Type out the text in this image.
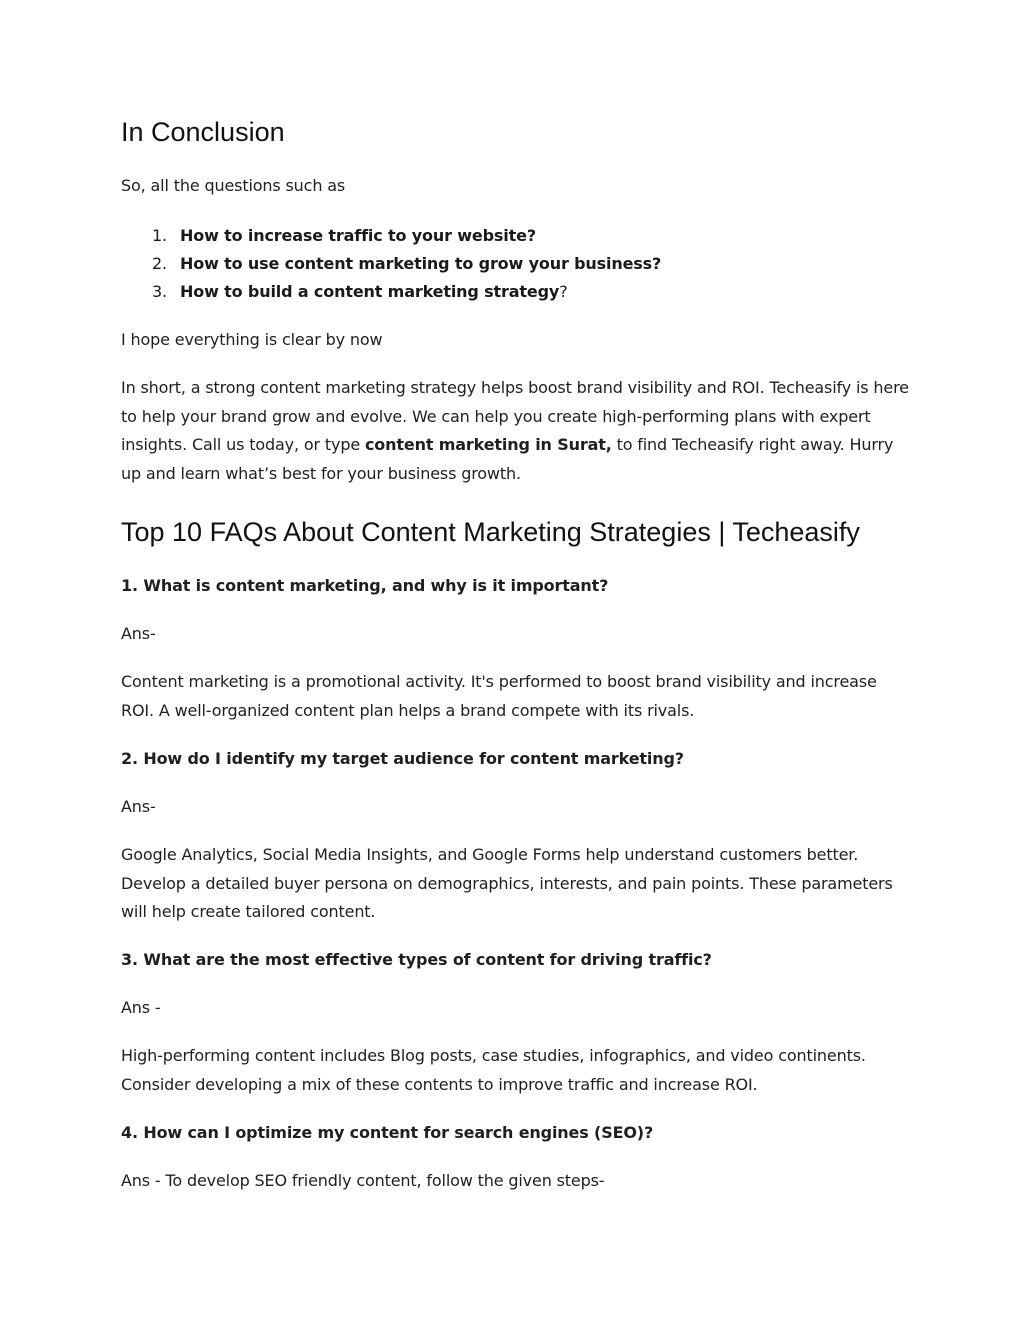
In Conclusion

So, all the questions such as

1. How to increase traffic to your website?
2. How to use content marketing to grow your business?
3. How to build a content marketing strategy?

I hope everything is clear by now

In short, a strong content marketing strategy helps boost brand visibility and ROI. Techeasify is here to help your brand grow and evolve. We can help you create high-performing plans with expert insights. Call us today, or type content marketing in Surat, to find Techeasify right away. Hurry up and learn what’s best for your business growth.

Top 10 FAQs About Content Marketing Strategies | Techeasify

1. What is content marketing, and why is it important?

Ans-

Content marketing is a promotional activity. It's performed to boost brand visibility and increase ROI. A well-organized content plan helps a brand compete with its rivals.

2. How do I identify my target audience for content marketing?

Ans-

Google Analytics, Social Media Insights, and Google Forms help understand customers better. Develop a detailed buyer persona on demographics, interests, and pain points. These parameters will help create tailored content.

3. What are the most effective types of content for driving traffic?

Ans -

High-performing content includes Blog posts, case studies, infographics, and video continents. Consider developing a mix of these contents to improve traffic and increase ROI.

4. How can I optimize my content for search engines (SEO)?

Ans - To develop SEO friendly content, follow the given steps-
